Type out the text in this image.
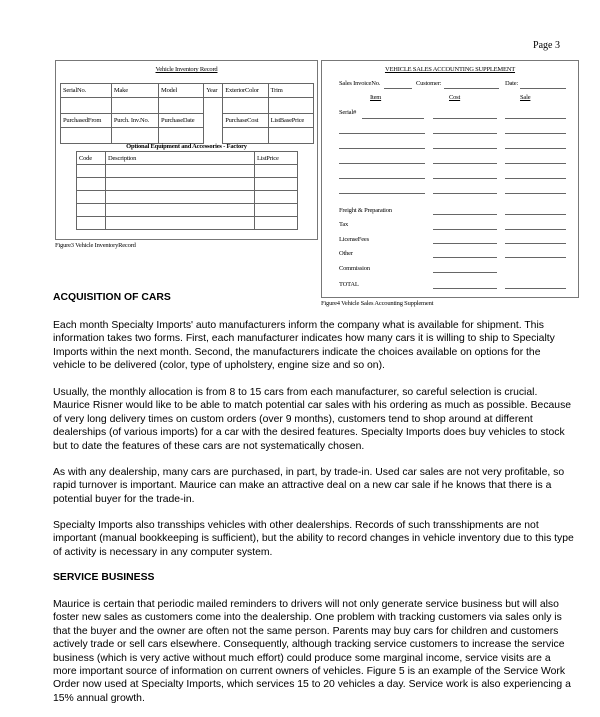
Page 3
Vehicle Inventory Record
SerialNo.	Make	Model	Year	ExteriorColor	Trim

PurchasedFrom	Purch. Inv.No.	PurchaseDate		PurchaseCost	ListBasePrice

Optional Equipment and Accessories - Factory
Code	Description	ListPrice

Figure3 Vehicle InventoryRecord
VEHICLE SALES ACCOUNTING SUPPLEMENT
Sales InvoiceNo.	Customer:	Date:
Item	Cost	Sale
Serial#
Freight & Preparation
Tax
LicenseFees
Other
Commission
TOTAL
Figure4 Vehicle Sales Accounting Supplement
ACQUISITION OF CARS
Each month Specialty Imports' auto manufacturers inform the company what is available for shipment. This information takes two forms. First, each manufacturer indicates how many cars it is willing to ship to Specialty Imports within the next month. Second, the manufacturers indicate the choices available on options for the vehicle to be delivered (color, type of upholstery, engine size and so on).
Usually, the monthly allocation is from 8 to 15 cars from each manufacturer, so careful selection is crucial. Maurice Risner would like to be able to match potential car sales with his ordering as much as possible. Because of very long delivery times on custom orders (over 9 months), customers tend to shop around at different dealerships (of various imports) for a car with the desired features. Specialty Imports does buy vehicles to stock but to date the features of these cars are not systematically chosen.
As with any dealership, many cars are purchased, in part, by trade-in. Used car sales are not very profitable, so rapid turnover is important. Maurice can make an attractive deal on a new car sale if he knows that there is a potential buyer for the trade-in.
Specialty Imports also transships vehicles with other dealerships. Records of such transshipments are not important (manual bookkeeping is sufficient), but the ability to record changes in vehicle inventory due to this type of activity is necessary in any computer system.
SERVICE BUSINESS
Maurice is certain that periodic mailed reminders to drivers will not only generate service business but will also foster new sales as customers come into the dealership. One problem with tracking customers via sales only is that the buyer and the owner are often not the same person. Parents may buy cars for children and customers actively trade or sell cars elsewhere. Consequently, although tracking service customers to increase the service business (which is very active without much effort) could produce some marginal income, service visits are a more important source of information on current owners of vehicles. Figure 5 is an example of the Service Work Order now used at Specialty Imports, which services 15 to 20 vehicles a day. Service work is also experiencing a 15% annual growth.
